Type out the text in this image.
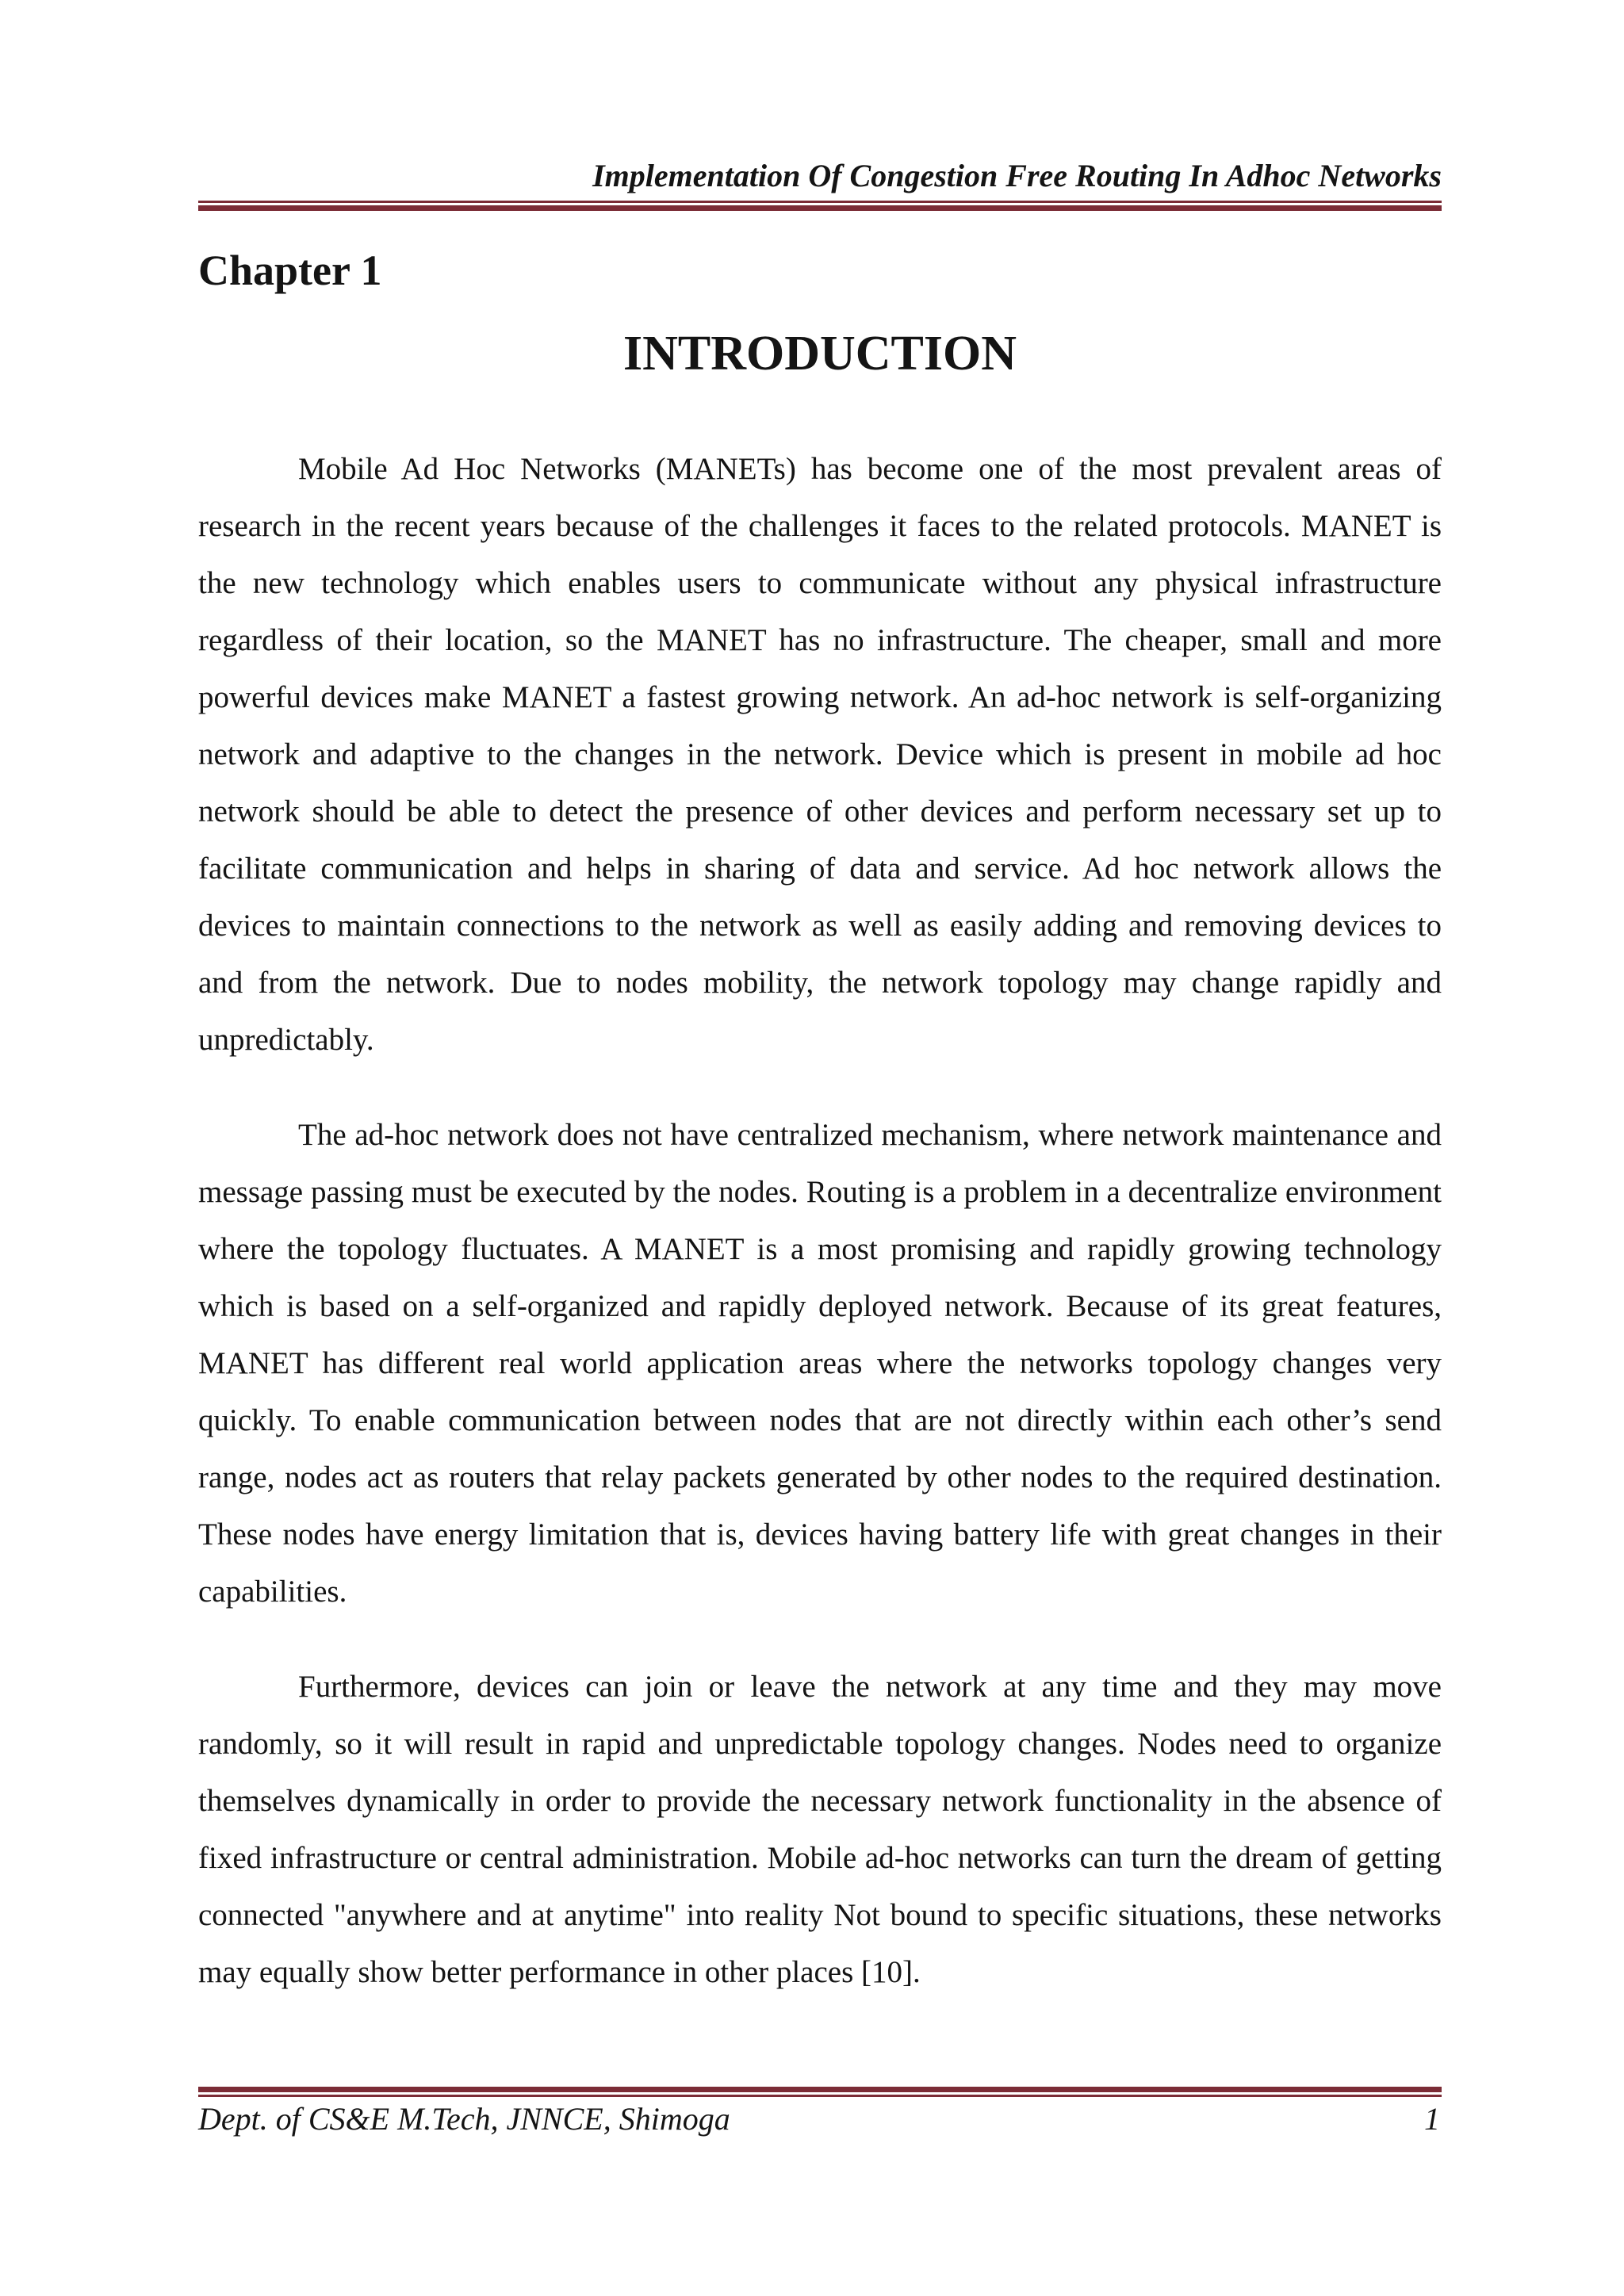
Implementation Of Congestion Free Routing In Adhoc Networks
Chapter 1
INTRODUCTION

Mobile Ad Hoc Networks (MANETs) has become one of the most prevalent areas of research in the recent years because of the challenges it faces to the related protocols. MANET is the new technology which enables users to communicate without any physical infrastructure regardless of their location, so the MANET has no infrastructure. The cheaper, small and more powerful devices make MANET a fastest growing network. An ad-hoc network is self-organizing network and adaptive to the changes in the network. Device which is present in mobile ad hoc network should be able to detect the presence of other devices and perform necessary set up to facilitate communication and helps in sharing of data and service. Ad hoc network allows the devices to maintain connections to the network as well as easily adding and removing devices to and from the network. Due to nodes mobility, the network topology may change rapidly and unpredictably.

The ad-hoc network does not have centralized mechanism, where network maintenance and message passing must be executed by the nodes. Routing is a problem in a decentralize environment where the topology fluctuates. A MANET is a most promising and rapidly growing technology which is based on a self-organized and rapidly deployed network. Because of its great features, MANET has different real world application areas where the networks topology changes very quickly. To enable communication between nodes that are not directly within each other’s send range, nodes act as routers that relay packets generated by other nodes to the required destination. These nodes have energy limitation that is, devices having battery life with great changes in their capabilities.

Furthermore, devices can join or leave the network at any time and they may move randomly, so it will result in rapid and unpredictable topology changes. Nodes need to organize themselves dynamically in order to provide the necessary network functionality in the absence of fixed infrastructure or central administration. Mobile ad-hoc networks can turn the dream of getting connected "anywhere and at anytime" into reality Not bound to specific situations, these networks may equally show better performance in other places [10].

Dept. of CS&E M.Tech, JNNCE, Shimoga	1
